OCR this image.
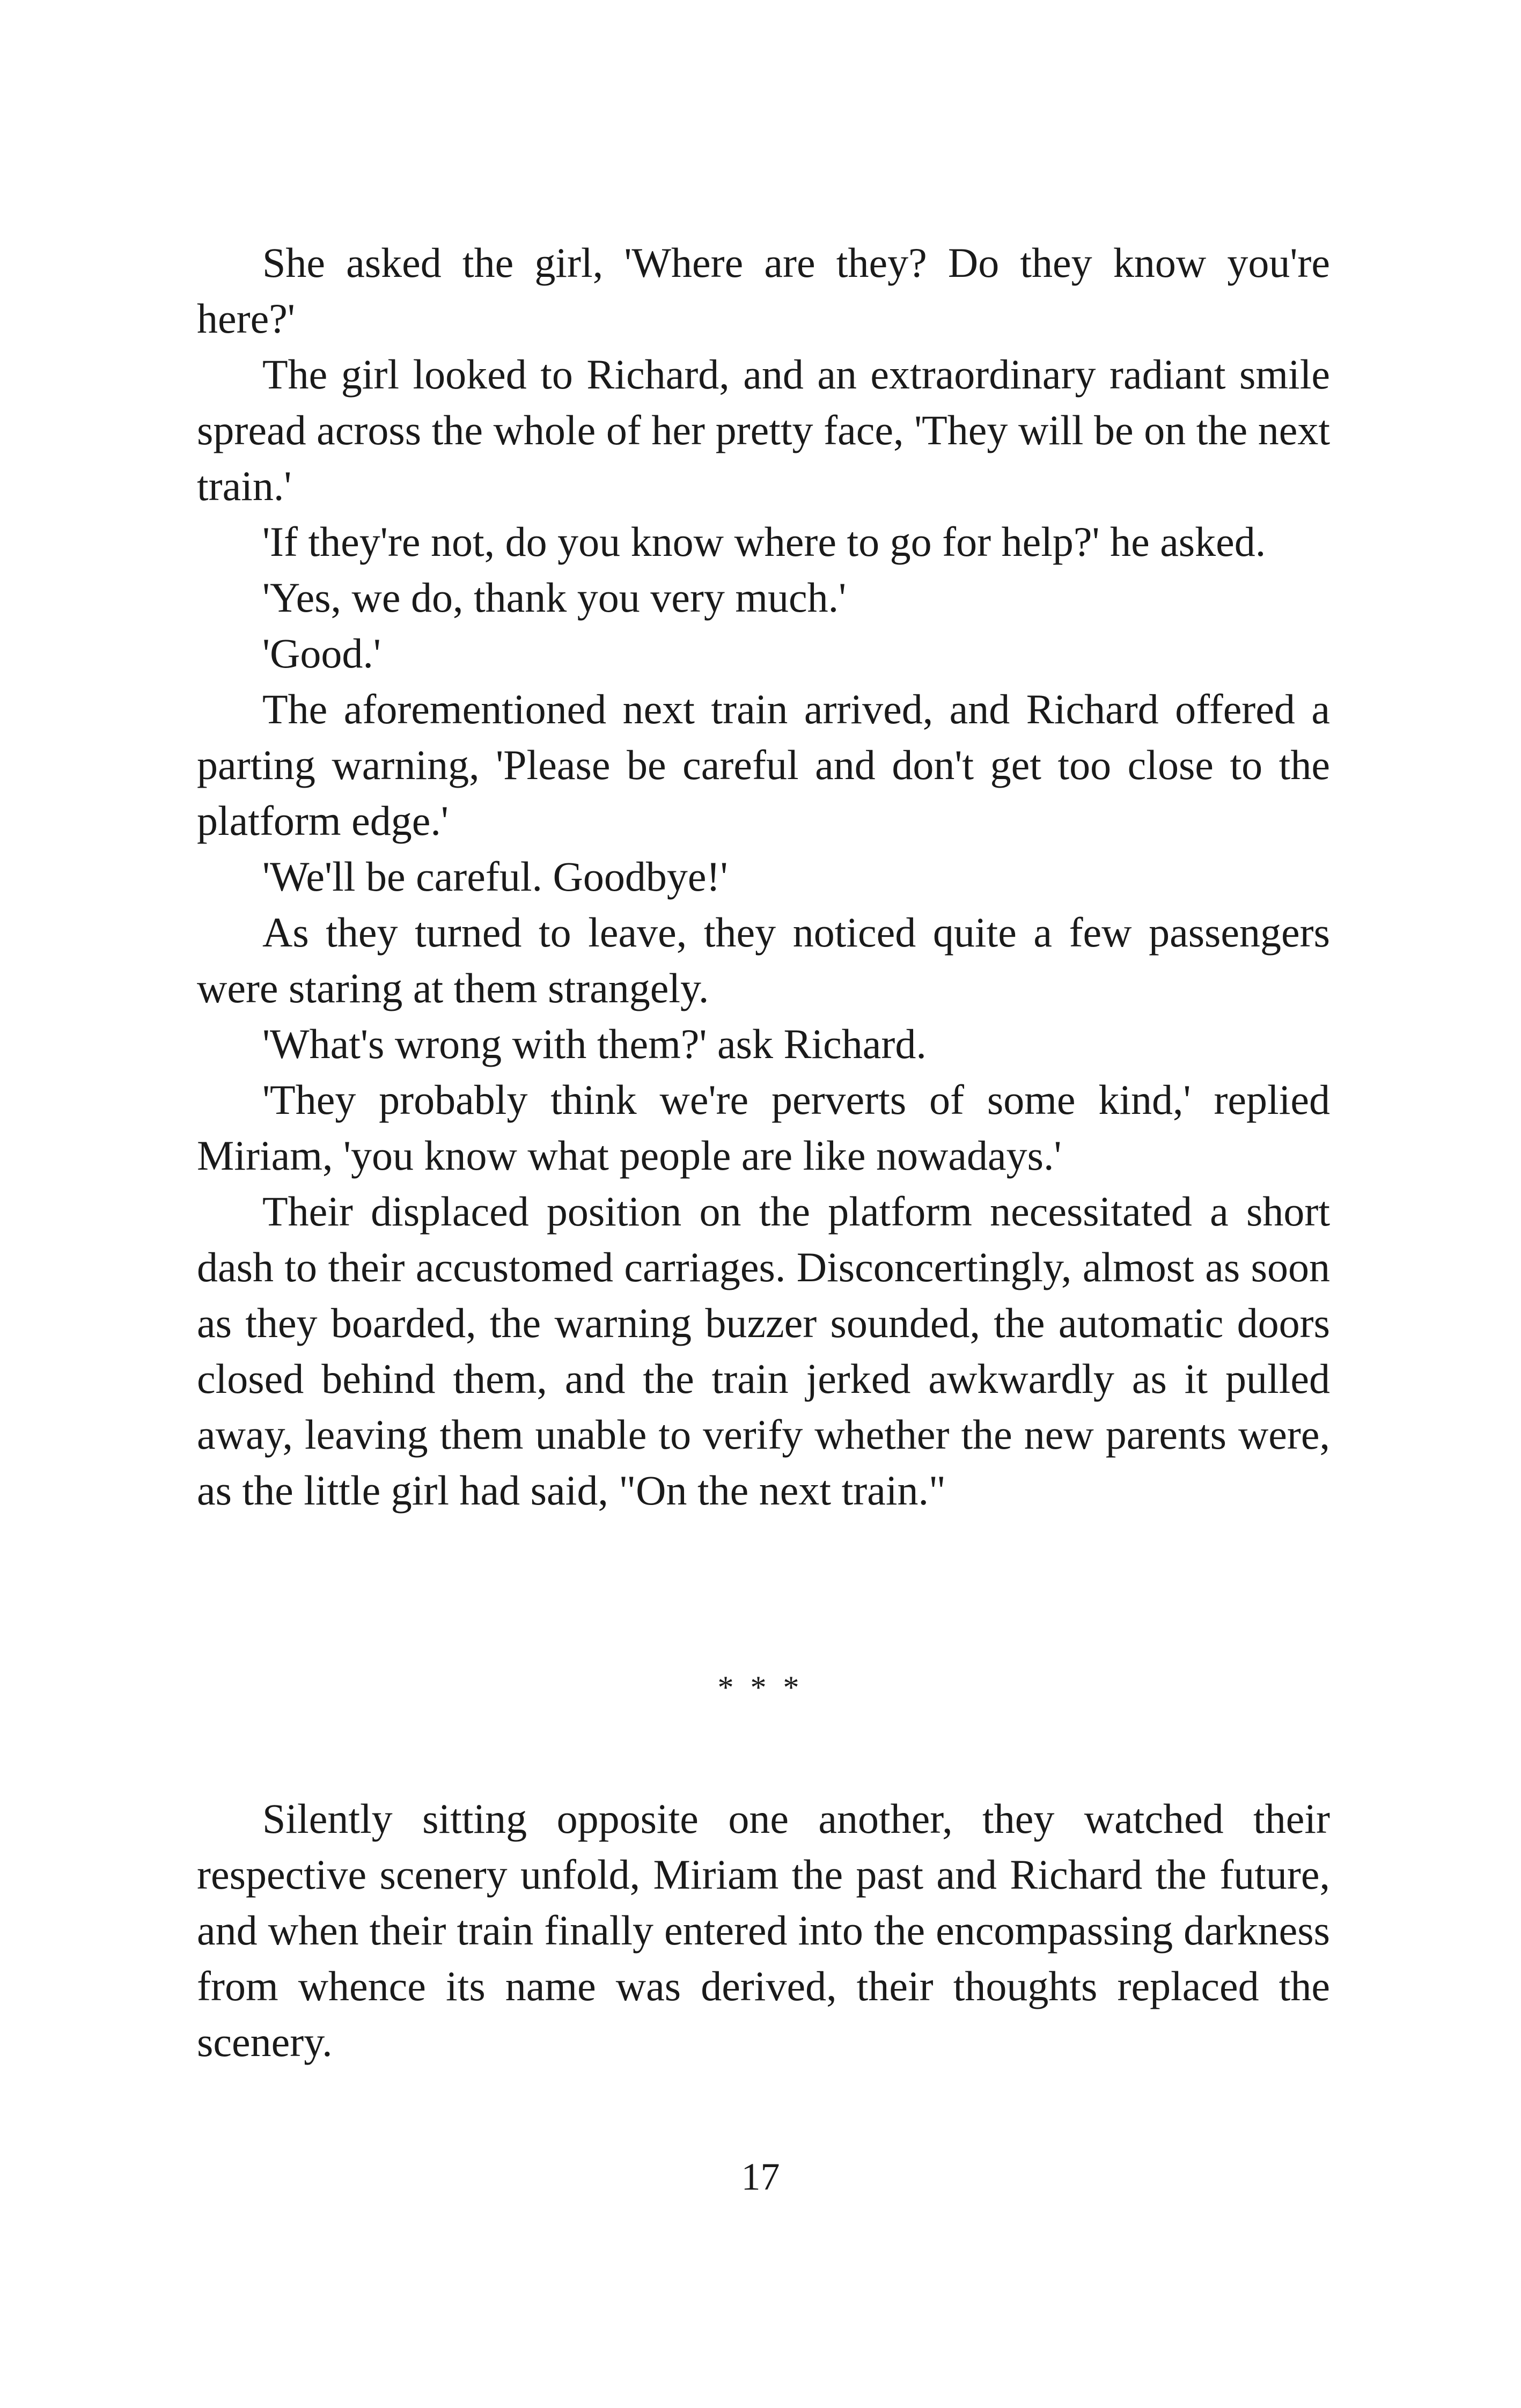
She asked the girl, 'Where are they? Do they know you're here?'

The girl looked to Richard, and an extraordinary radiant smile spread across the whole of her pretty face, 'They will be on the next train.'

'If they're not, do you know where to go for help?' he asked.

'Yes, we do, thank you very much.'

'Good.'

The aforementioned next train arrived, and Richard offered a parting warning, 'Please be careful and don't get too close to the platform edge.'

'We'll be careful. Goodbye!'

As they turned to leave, they noticed quite a few passengers were staring at them strangely.

'What's wrong with them?' ask Richard.

'They probably think we're perverts of some kind,' replied Miriam, 'you know what people are like nowadays.'

Their displaced position on the platform necessitated a short dash to their accustomed carriages. Disconcertingly, almost as soon as they boarded, the warning buzzer sounded, the automatic doors closed behind them, and the train jerked awkwardly as it pulled away, leaving them unable to verify whether the new parents were, as the little girl had said, "On the next train."

* * *

Silently sitting opposite one another, they watched their respective scenery unfold, Miriam the past and Richard the future, and when their train finally entered into the encompassing darkness from whence its name was derived, their thoughts replaced the scenery.

17
